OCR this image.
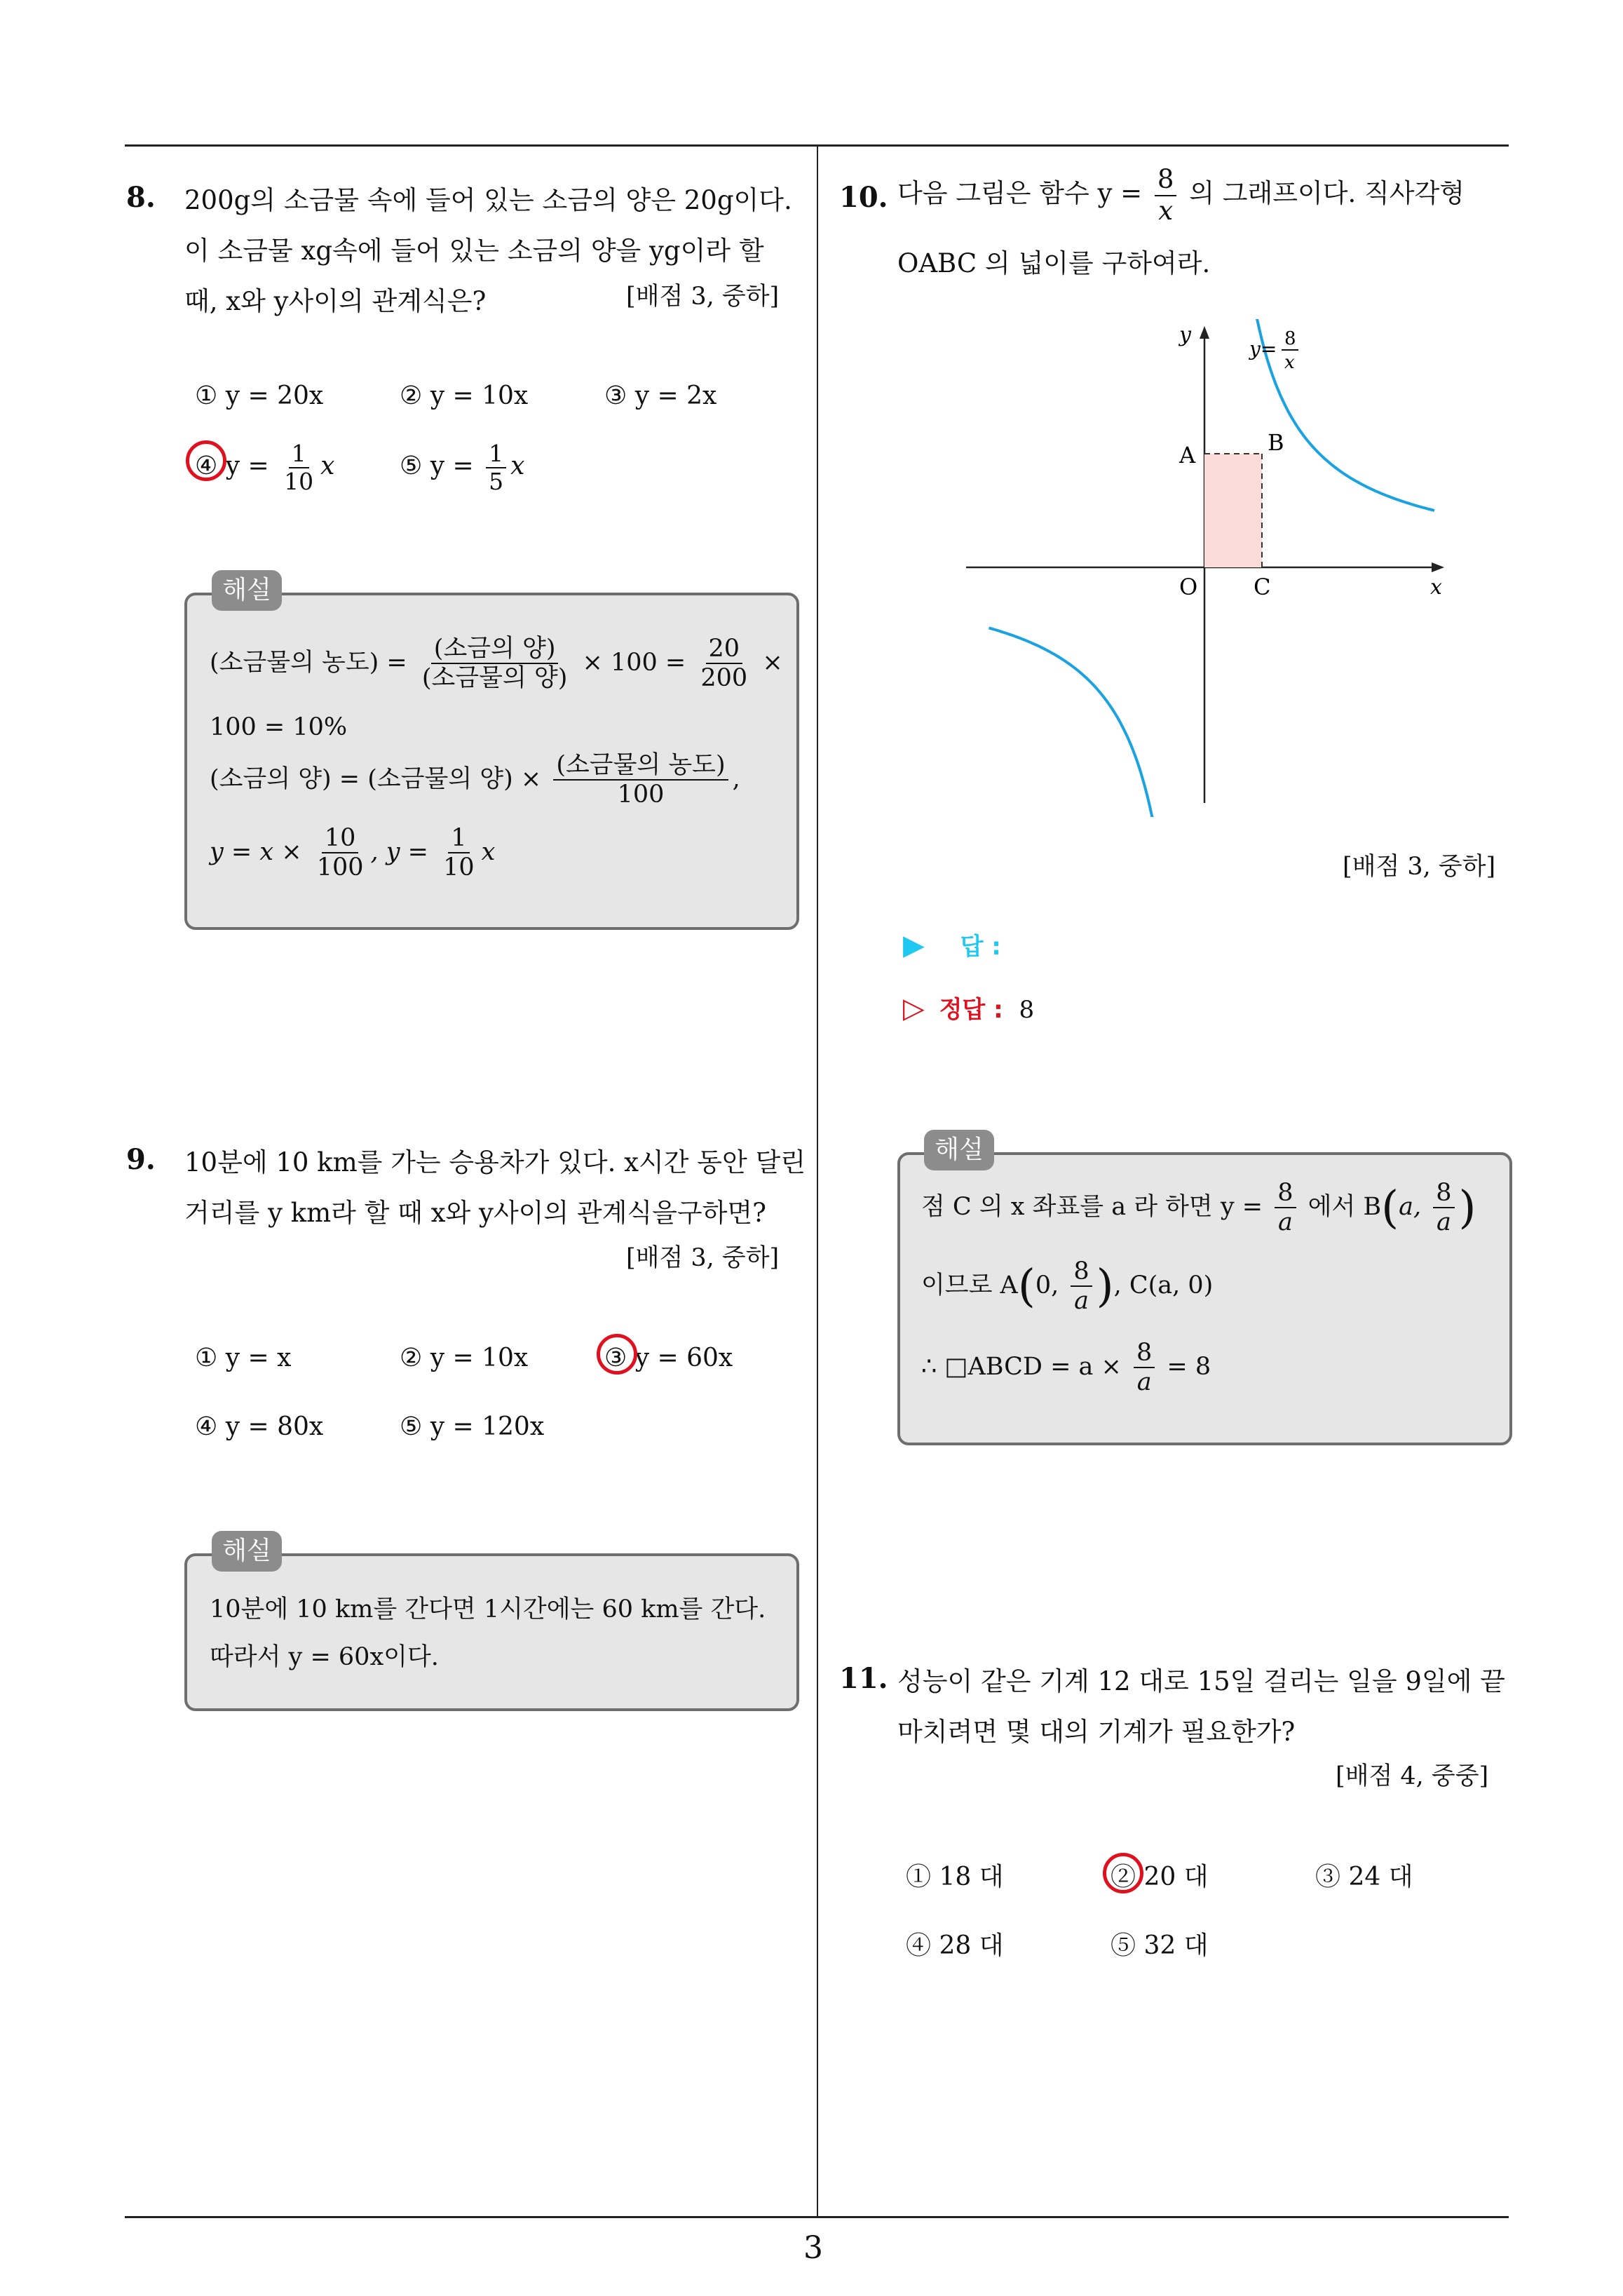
8. 200g의 소금물 속에 들어 있는 소금의 양은 20g이다.
이 소금물 xg속에 들어 있는 소금의 양을 yg이라 할
때, x와 y사이의 관계식은?	[배점 3, 중하]
① y = 20x	② y = 10x	③ y = 2x
④ $y = \frac{1}{10}$ x	⑤ $y = \frac{1}{5}$ x
(소금물의 농도) = $\frac{\text{(소금의 양)}}{\text{(소금물의 양)}} \times 100 = \frac{20}{200}$ ×
100 = 10%
(소금의 양) = (소금물의 양) × $\frac{\text{(소금물의 농도)}}{100}$ ,
$y = x \times \frac{10}{100}$ , $y = \frac{1}{10}$ x
해설
9. 10분에 10 km를 가는 승용차가 있다. x시간 동안 달린
거리를 y km라 할 때 x와 y사이의 관계식을구하면?
[배점 3, 중하]
① y = x	② y = 10x	③ y = 60x
④ y = 80x	⑤ y = 120x
10분에 10 km를 간다면 1시간에는 60 km를 간다.
따라서 y = 60x이다.
해설
10. 다음 그림은 함수 $y = \frac{8}{x}$ 의 그래프이다. 직사각형
OABC 의 넓이를 구하여라.
y
x
y= 8
x
A	B
O C
[배점 3, 중하]
▶ 답 :
▷ 정답 : 8
점 C 의 x 좌표를 a 라 하면 $y = \frac{8}{a}$ 에서 B(a, $\frac{8}{a}$ )
이므로 A(0, $\frac{8}{a}$ ), C(a, 0)
∴ □ABCD = $a \times \frac{8}{a} = 8$
해설
11. 성능이 같은 기계 12 대로 15일 걸리는 일을 9일에 끝
마치려면 몇 대의 기계가 필요한가?
[배점 4, 중중]
① 18 대	② 20 대	③ 24 대
④ 28 대	⑤ 32 대
3
